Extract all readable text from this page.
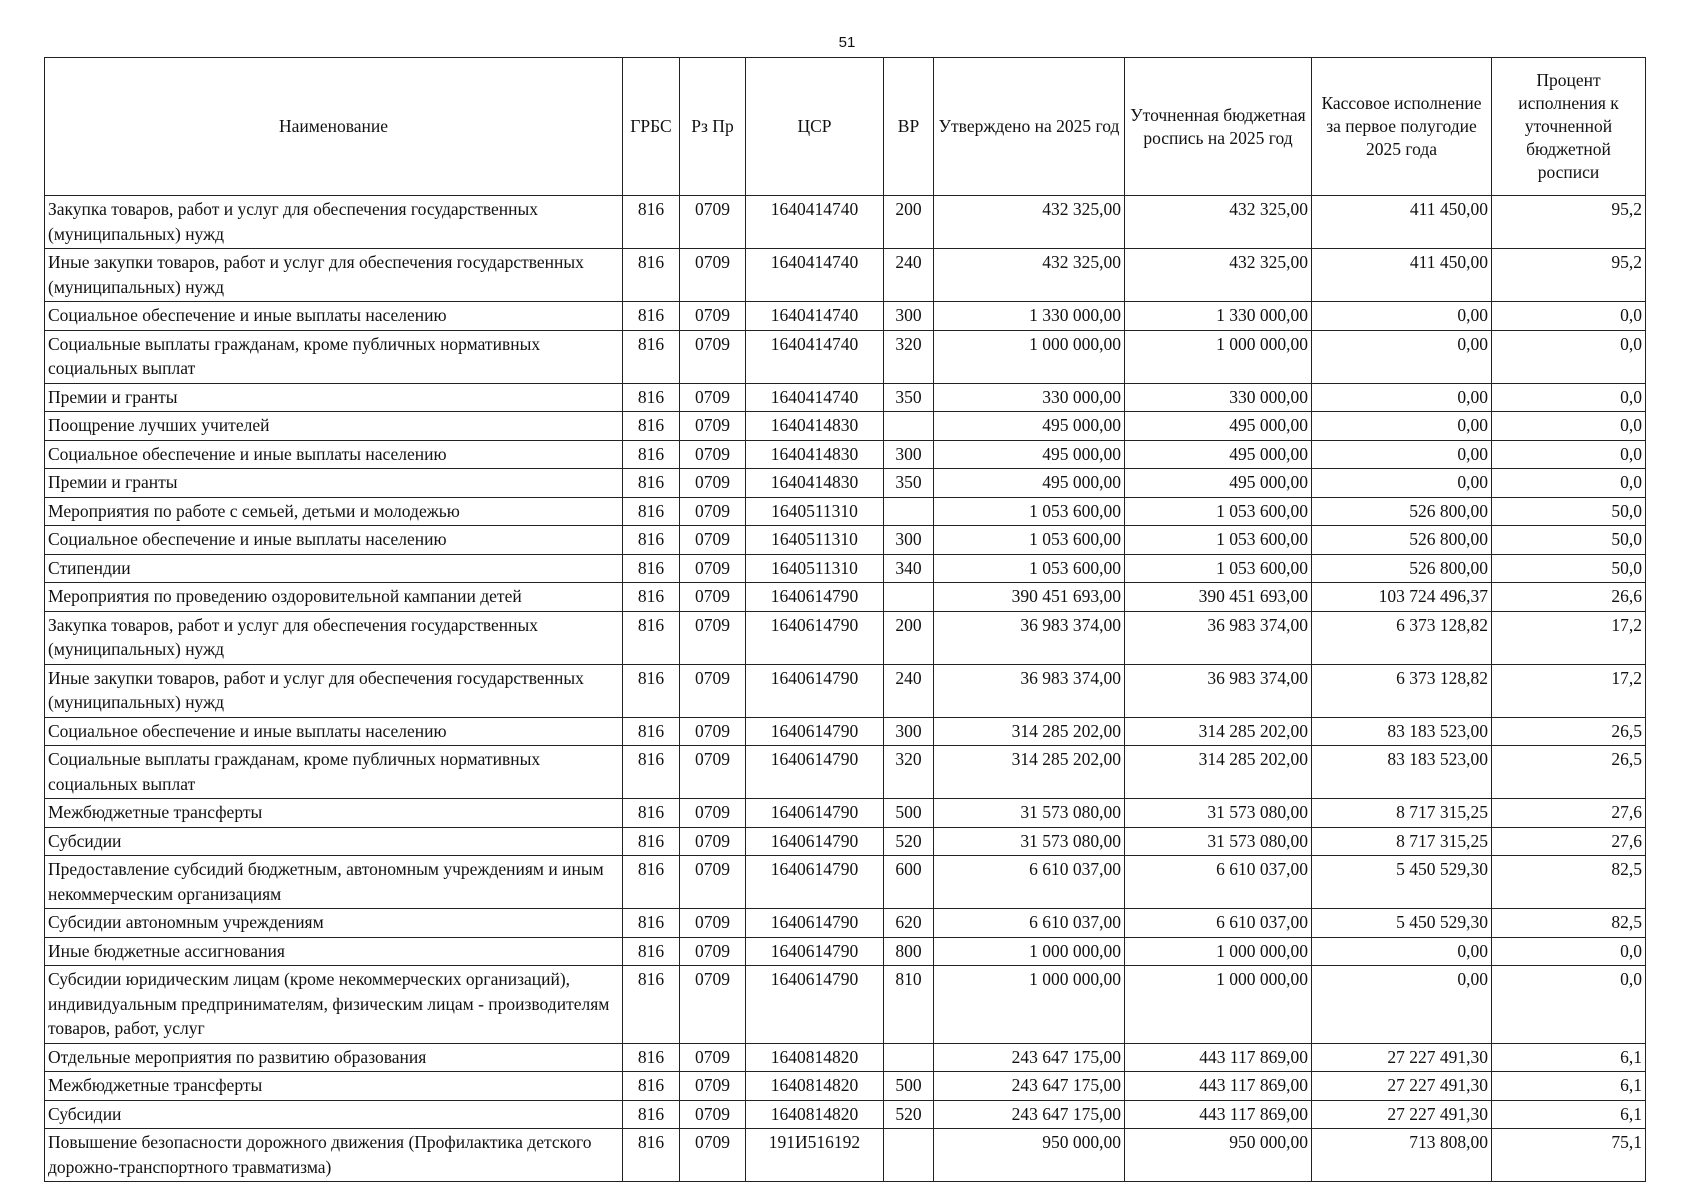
51
Наименование	ГРБС	Рз Пр	ЦСР	ВР	Утверждено на 2025 год	Уточненная бюджетная роспись на 2025 год	Кассовое исполнение за первое полугодие 2025 года	Процент исполнения к уточненной бюджетной росписи
Закупка товаров, работ и услуг для обеспечения государственных (муниципальных) нужд	816	0709	1640414740	200	432 325,00	432 325,00	411 450,00	95,2
Иные закупки товаров, работ и услуг для обеспечения государственных (муниципальных) нужд	816	0709	1640414740	240	432 325,00	432 325,00	411 450,00	95,2
Социальное обеспечение и иные выплаты населению	816	0709	1640414740	300	1 330 000,00	1 330 000,00	0,00	0,0
Социальные выплаты гражданам, кроме публичных нормативных социальных выплат	816	0709	1640414740	320	1 000 000,00	1 000 000,00	0,00	0,0
Премии и гранты	816	0709	1640414740	350	330 000,00	330 000,00	0,00	0,0
Поощрение лучших учителей	816	0709	1640414830		495 000,00	495 000,00	0,00	0,0
Социальное обеспечение и иные выплаты населению	816	0709	1640414830	300	495 000,00	495 000,00	0,00	0,0
Премии и гранты	816	0709	1640414830	350	495 000,00	495 000,00	0,00	0,0
Мероприятия по работе с семьей, детьми и молодежью	816	0709	1640511310		1 053 600,00	1 053 600,00	526 800,00	50,0
Социальное обеспечение и иные выплаты населению	816	0709	1640511310	300	1 053 600,00	1 053 600,00	526 800,00	50,0
Стипендии	816	0709	1640511310	340	1 053 600,00	1 053 600,00	526 800,00	50,0
Мероприятия по проведению оздоровительной кампании детей	816	0709	1640614790		390 451 693,00	390 451 693,00	103 724 496,37	26,6
Закупка товаров, работ и услуг для обеспечения государственных (муниципальных) нужд	816	0709	1640614790	200	36 983 374,00	36 983 374,00	6 373 128,82	17,2
Иные закупки товаров, работ и услуг для обеспечения государственных (муниципальных) нужд	816	0709	1640614790	240	36 983 374,00	36 983 374,00	6 373 128,82	17,2
Социальное обеспечение и иные выплаты населению	816	0709	1640614790	300	314 285 202,00	314 285 202,00	83 183 523,00	26,5
Социальные выплаты гражданам, кроме публичных нормативных социальных выплат	816	0709	1640614790	320	314 285 202,00	314 285 202,00	83 183 523,00	26,5
Межбюджетные трансферты	816	0709	1640614790	500	31 573 080,00	31 573 080,00	8 717 315,25	27,6
Субсидии	816	0709	1640614790	520	31 573 080,00	31 573 080,00	8 717 315,25	27,6
Предоставление субсидий бюджетным, автономным учреждениям и иным некоммерческим организациям	816	0709	1640614790	600	6 610 037,00	6 610 037,00	5 450 529,30	82,5
Субсидии автономным учреждениям	816	0709	1640614790	620	6 610 037,00	6 610 037,00	5 450 529,30	82,5
Иные бюджетные ассигнования	816	0709	1640614790	800	1 000 000,00	1 000 000,00	0,00	0,0
Субсидии юридическим лицам (кроме некоммерческих организаций), индивидуальным предпринимателям, физическим лицам - производителям товаров, работ, услуг	816	0709	1640614790	810	1 000 000,00	1 000 000,00	0,00	0,0
Отдельные мероприятия по развитию образования	816	0709	1640814820		243 647 175,00	443 117 869,00	27 227 491,30	6,1
Межбюджетные трансферты	816	0709	1640814820	500	243 647 175,00	443 117 869,00	27 227 491,30	6,1
Субсидии	816	0709	1640814820	520	243 647 175,00	443 117 869,00	27 227 491,30	6,1
Повышение безопасности дорожного движения (Профилактика детского дорожно-транспортного травматизма)	816	0709	191И516192		950 000,00	950 000,00	713 808,00	75,1
